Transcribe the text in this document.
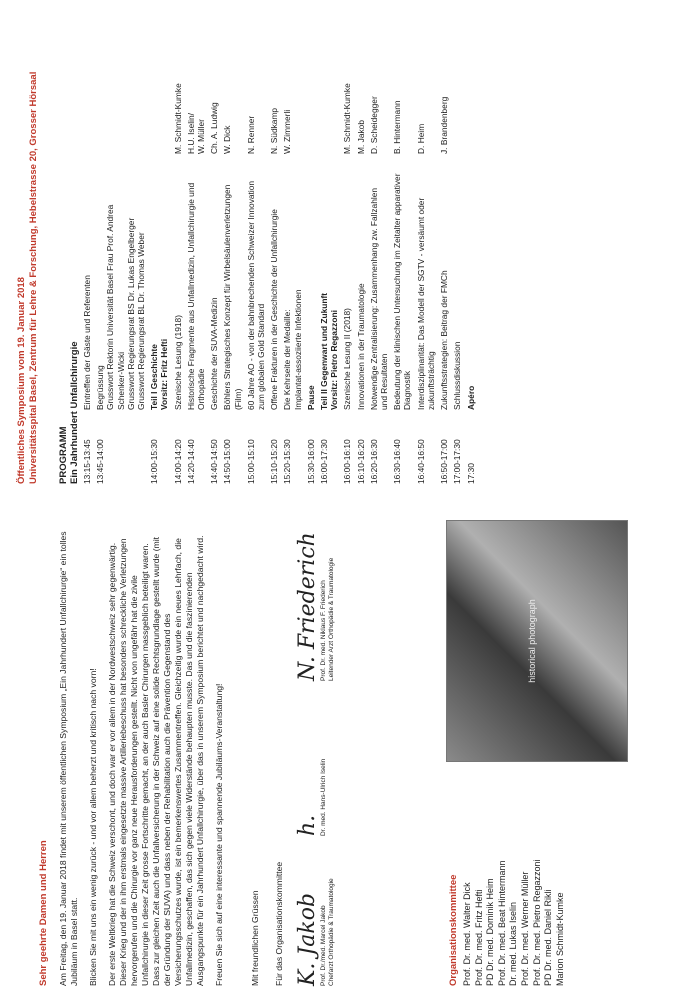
Sehr geehrte Damen und Herren Am Freitag, den 19. Januar 2018 findet mit unserem öffentlichen Symposium „Ein Jahrhundert Unfallchirurgie“ ein tolles Jubiläum in Basel statt. Blicken Sie mit uns ein wenig zurück - und vor allem beherzt und kritisch nach vorn! Der erste Weltkrieg hat die Schweiz verschont, und doch war er vor allem in der Nordwestschweiz sehr gegenwärtig. Dieser Krieg und der in ihm erstmals eingesetzte massive Artilleriebeschuss hat besonders schreckliche Verletzungen hervorgerufen und die Chirurgie vor ganz neue Herausforderungen gestellt. Nicht von ungefähr hat die zivile Unfallchirurgie in dieser Zeit grosse Fortschritte gemacht, an der auch Basler Chirurgen massgeblich beteiligt waren. Dass zur gleichen Zeit auch die Unfallversicherung in der Schweiz auf eine solide Rechtsgrundlage gestellt wurde (mit der Gründung der SUVA) und dass neben der Rehabilitation auch die Prävention Gegenstand des Versicherungsschutzes wurde, ist ein bemerkenswertes Zusammentreffen. Gleichzeitig wurde ein neues Lehrfach, die Unfallmedizin, geschaffen, das sich gegen viele Widerstände behaupten musste. Das und die faszinierenden Ausgangspunkte für ein Jahrhundert Unfallchirurgie, über das in unserem Symposium berichtet und nachgedacht wird. Freuen Sie sich auf eine interessante und spannende Jubiläums-Veranstaltung!	Mit freundlichen Grüssen Für das Organisationskommittee K. Jakob Prof. Dr./med. Marcel Jakob Chefarzt Orthopädie & Traumatologie
h. Dr. med. Hans-Ulrich Iselin
N. Friederich Prof. Dr. med. Niklaus F. Friederich Leitender Arzt Orthopädie & Traumatologie
Organisationskommittee Prof. Dr. med. Walter Dick Prof. Dr. med. Fritz Hefti PD Dr. med. Dominik Heim Prof. Dr. med. Beat Hintermann Dr. med. Lukas Iselin Prof. Dr. med. Werner Müller Prof. Dr. med. Pietro Regazzoni PD Dr. med. Daniel Rikli Marion Schmidt-Kumke
historical photograph
Öffentliches Symposium vom 19. Januar 2018 Universitätsspital Basel, Zentrum für Lehre & Forschung, Hebelstrasse 20, Grosser Hörsaal PROGRAMM Ein Jahrhundert Unfallchirurgie 13:15-13:45
Eintreffen der Gäste und Referenten
13:45-14:00
Begrüssung
Grusswort Rektorin Universität Basel Frau Prof. Andrea Schenker-Wicki
Grusswort Regierungsrat BS Dr. Lukas Engelberger
Grusswort Regierungsrat BL Dr. Thomas Weber
14:00-15:30
Teil I Geschichte
Vorsitz: Fritz Hefti
14:00-14:20
Szenische Lesung (1918)
M. Schmidt-Kumke
14:20-14:40
Historische Fragmente aus Unfallmedizin, Unfallchirurgie und Orthopädie
H.U. Iselin/
W. Müller
14:40-14:50
Geschichte der SUVA-Medizin
Ch. A. Ludwig
14:50-15:00
Böhlers Strategisches Konzept für Wirbelsäulenverletzungen (Film)
W. Dick
15:00-15:10
60 Jahre AO - von der bahnbrechenden Schweizer Innovation zum globalen Gold Standard
N. Renner
15:10-15:20
Offene Frakturen in der Geschichte der Unfallchirurgie
N. Südkamp
15:20-15:30
Die Kehrseite der Medaille:
Implantat-assoziierte Infektionen
W. Zimmerli
15:30-16:00
Pause
16:00-17:30
Teil II Gegenwart und Zukunft
Vorsitz: Pietro Regazzoni
16:00-16:10
Szenische Lesung II (2018)
M. Schmidt-Kumke
16:10-16:20
Innovationen in der Traumatologie
M. Jakob
16:20-16:30
Notwendige Zentralisierung: Zusammenhang zw. Fallzahlen und Resultaten
D. Scheidegger
16:30-16:40
Bedeutung der klinischen Untersuchung im Zeitalter apparativer Diagnostik
B. Hintermann
16:40-16:50
Interdisziplinarität: Das Modell der SGTV - versäumt oder zukunftsträchtig
D. Heim
16:50-17:00
Zukunftsstrategien: Beitrag der FMCh
J. Brandenberg
17:00-17:30
Schlussdiskussion
17:30
Apéro
